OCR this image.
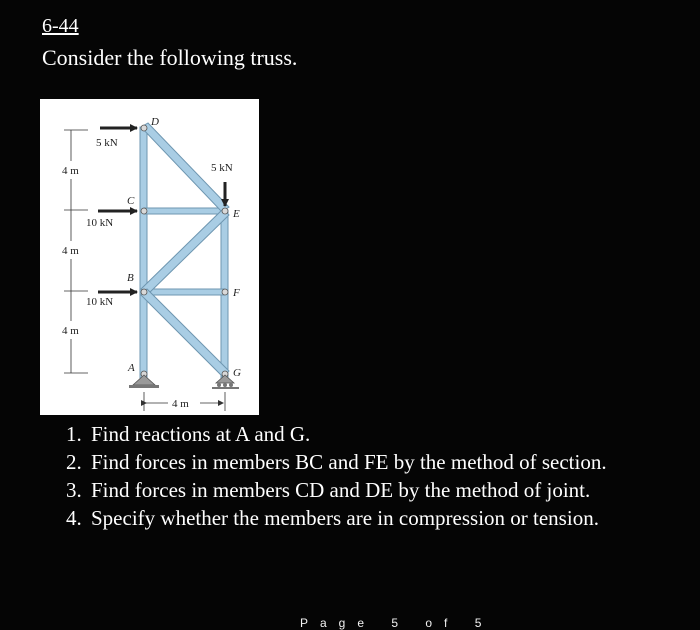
6-44
Consider the following truss.
4 m
4 m
4 m
5 kN
10 kN
10 kN
5 kN
D
C
B
A
E
F
G
4 m
1. Find reactions at A and G.
2. Find forces in members BC and FE by the method of section.
3. Find forces in members CD and DE by the method of joint.
4. Specify whether the members are in compression or tension.
Page 5 of 5
